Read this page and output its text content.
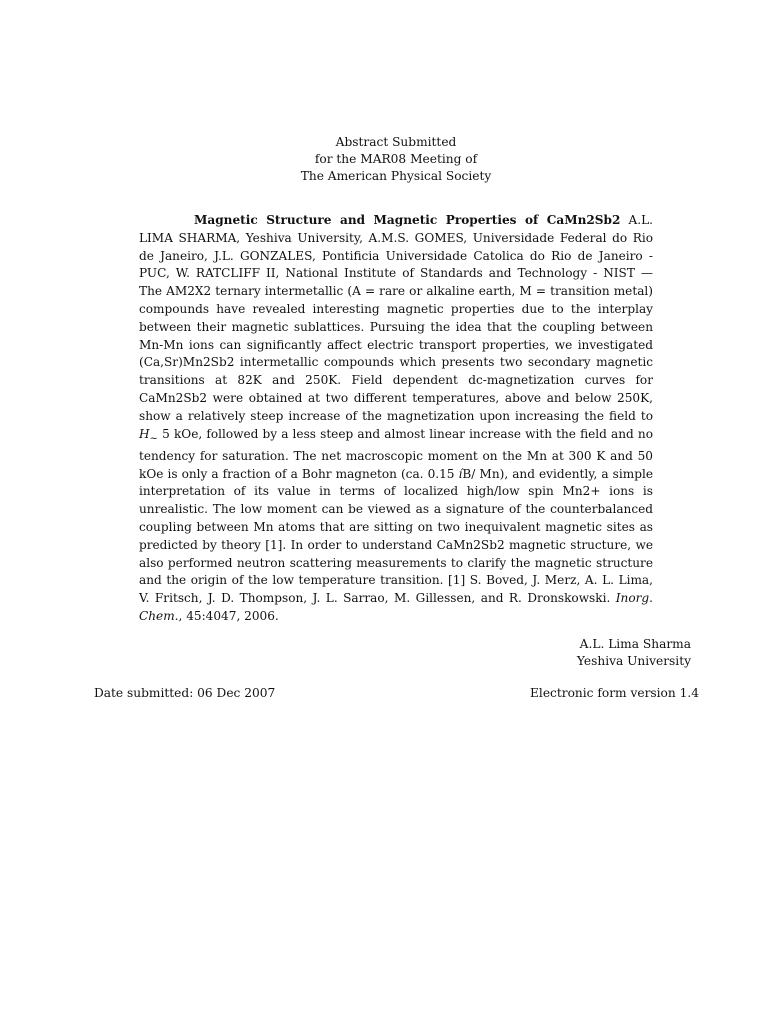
Abstract Submitted
for the MAR08 Meeting of
The American Physical Society
Magnetic Structure and Magnetic Properties of CaMn2Sb2 A.L. LIMA SHARMA, Yeshiva University, A.M.S. GOMES, Universidade Federal do Rio de Janeiro, J.L. GONZALES, Pontificia Universidade Catolica do Rio de Janeiro - PUC, W. RATCLIFF II, National Institute of Standards and Technology - NIST — The AM2X2 ternary intermetallic (A = rare or alkaline earth, M = transition metal) compounds have revealed interesting magnetic properties due to the interplay between their magnetic sublattices. Pursuing the idea that the coupling between Mn-Mn ions can significantly affect electric transport properties, we investigated (Ca,Sr)Mn2Sb2 intermetallic compounds which presents two secondary magnetic transitions at 82K and 250K. Field dependent dc-magnetization curves for CaMn2Sb2 were obtained at two different temperatures, above and below 250K, show a relatively steep increase of the magnetization upon increasing the field to $H_\sim$ 5 kOe, followed by a less steep and almost linear increase with the field and no tendency for saturation. The net macroscopic moment on the Mn at 300 K and 50 kOe is only a fraction of a Bohr magneton (ca. 0.15 íB/ Mn), and evidently, a simple interpretation of its value in terms of localized high/low spin Mn2+ ions is unrealistic. The low moment can be viewed as a signature of the counterbalanced coupling between Mn atoms that are sitting on two inequivalent magnetic sites as predicted by theory [1]. In order to understand CaMn2Sb2 magnetic structure, we also performed neutron scattering measurements to clarify the magnetic structure and the origin of the low temperature transition. [1] S. Boved, J. Merz, A. L. Lima, V. Fritsch, J. D. Thompson, J. L. Sarrao, M. Gillessen, and R. Dronskowski. Inorg. Chem., 45:4047, 2006.
A.L. Lima Sharma
Yeshiva University
Date submitted: 06 Dec 2007	Electronic form version 1.4
